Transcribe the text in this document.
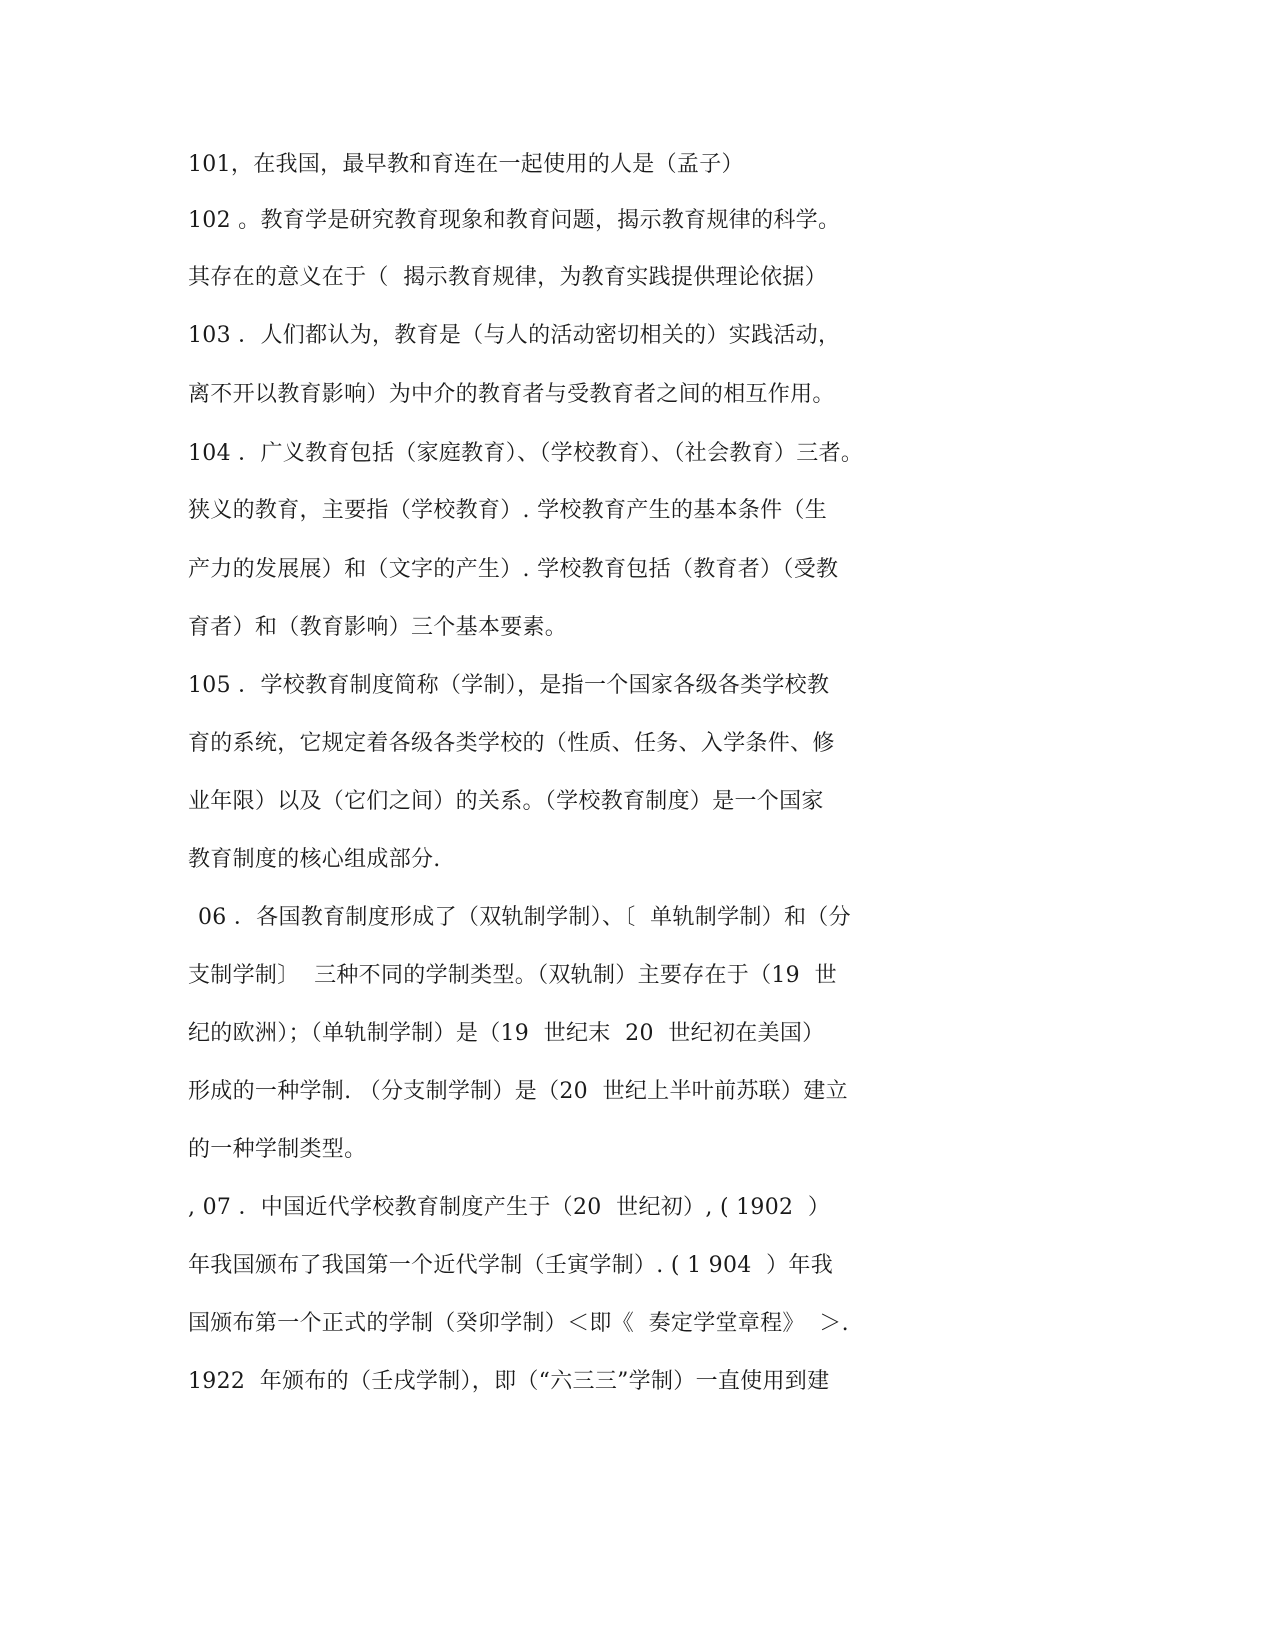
101，在我国，最早教和育连在一起使用的人是（孟子）
102 。教育学是研究教育现象和教育问题，揭示教育规律的科学。
其存在的意义在于（  揭示教育规律，为教育实践提供理论依据）
103 ．人们都认为，教育是（与人的活动密切相关的）实践活动，
离不开以教育影响）为中介的教育者与受教育者之间的相互作用。
104 ．广义教育包括（家庭教育）、（学校教育）、（社会教育）三者。
狭义的教育，主要指（学校教育）. 学校教育产生的基本条件（生
产力的发展展）和（文字的产生）. 学校教育包括（教育者）（受教
育者）和（教育影响）三个基本要素。
105 ．学校教育制度简称（学制），是指一个国家各级各类学校教
育的系统，它规定着各级各类学校的（性质、任务、入学条件、修
业年限）以及（它们之间）的关系。（学校教育制度）是一个国家
教育制度的核心组成部分.
06 ．各国教育制度形成了（双轨制学制）、〔  单轨制学制）和（分
支制学制〕  三种不同的学制类型。（双轨制）主要存在于（19  世
纪的欧洲）；（单轨制学制）是（19  世纪末  20  世纪初在美国）
形成的一种学制. （分支制学制）是（20  世纪上半叶前苏联）建立
的一种学制类型。
, 07 ．中国近代学校教育制度产生于（20  世纪初）, ( 1902  ）
年我国颁布了我国第一个近代学制（壬寅学制）. ( 1 904  ）年我
国颁布第一个正式的学制（癸卯学制）＜即《  奏定学堂章程》  ＞.
1922  年颁布的（壬戌学制），即（“六三三”学制）一直使用到建
